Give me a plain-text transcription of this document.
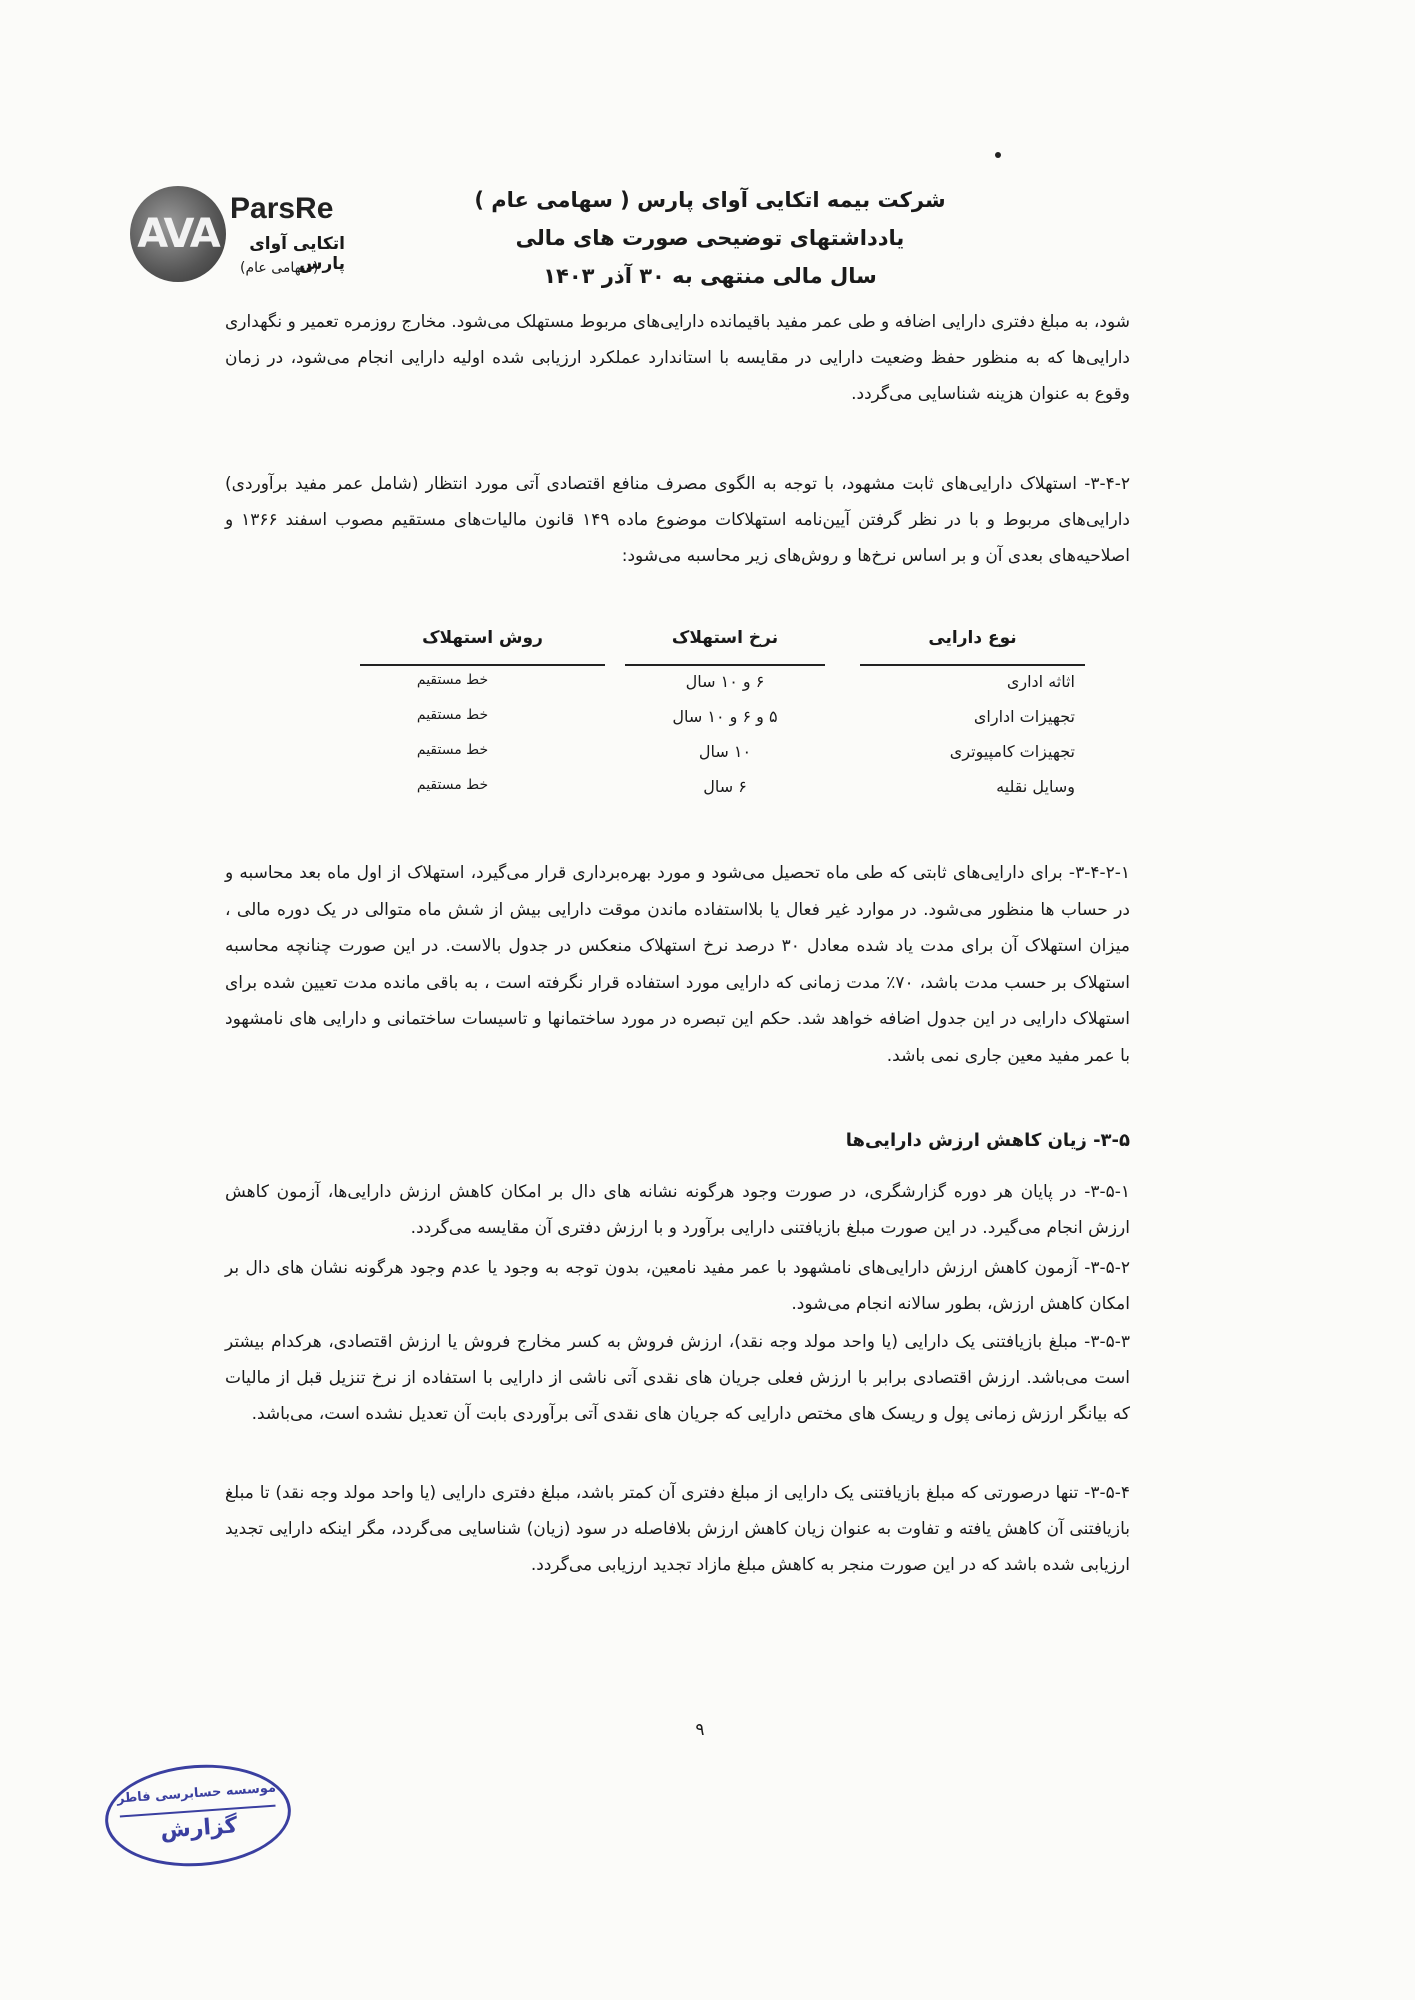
AVA
ParsRe
اتکایی آوای پارس
(سهامی عام)
شرکت بیمه اتکایی آوای پارس ( سهامی عام )
یادداشتهای توضیحی صورت های مالی
سال مالی منتهی به ۳۰ آذر ۱۴۰۳
شود، به مبلغ دفتری دارایی اضافه و طی عمر مفید باقیمانده دارایی‌های مربوط مستهلک می‌شود. مخارج روزمره تعمیر و نگهداری دارایی‌ها که به منظور حفظ وضعیت دارایی در مقایسه با استاندارد عملکرد ارزیابی شده اولیه دارایی انجام می‌شود، در زمان وقوع به عنوان هزینه شناسایی می‌گردد.
۳-۴-۲- استهلاک دارایی‌های ثابت مشهود، با توجه به الگوی مصرف منافع اقتصادی آتی مورد انتظار (شامل عمر مفید برآوردی) دارایی‌های مربوط و با در نظر گرفتن آیین‌نامه استهلاکات موضوع ماده ۱۴۹ قانون مالیات‌های مستقیم مصوب اسفند ۱۳۶۶ و اصلاحیه‌های بعدی آن و بر اساس نرخ‌ها و روش‌های زیر محاسبه می‌شود:
نوع دارایی
نرخ استهلاک
روش استهلاک
اثاثه اداری
۶ و ۱۰ سال
خط مستقیم
تجهیزات ادارای
۵ و ۶ و ۱۰ سال
خط مستقیم
تجهیزات کامپیوتری
۱۰ سال
خط مستقیم
وسایل نقلیه
۶ سال
خط مستقیم
۳-۴-۲-۱- برای دارایی‌های ثابتی که طی ماه تحصیل می‌شود و مورد بهره‌برداری قرار می‌گیرد، استهلاک از اول ماه بعد محاسبه و در حساب ها منظور می‌شود. در موارد غیر فعال یا بلااستفاده ماندن موقت دارایی بیش از شش ماه متوالی در یک دوره مالی ، میزان استهلاک آن برای مدت یاد شده معادل ۳۰ درصد نرخ استهلاک منعکس در جدول بالاست. در این صورت چنانچه محاسبه استهلاک بر حسب مدت باشد، ۷۰٪ مدت زمانی که دارایی مورد استفاده قرار نگرفته است ، به باقی مانده مدت تعیین شده برای استهلاک دارایی در این جدول اضافه خواهد شد. حکم این تبصره در مورد ساختمانها و تاسیسات ساختمانی و دارایی های نامشهود با عمر مفید معین جاری نمی باشد.
۳-۵- زیان کاهش ارزش دارایی‌ها
۳-۵-۱- در پایان هر دوره گزارشگری، در صورت وجود هرگونه نشانه های دال بر امکان کاهش ارزش دارایی‌ها، آزمون کاهش ارزش انجام می‌گیرد. در این صورت مبلغ بازیافتنی دارایی برآورد و با ارزش دفتری آن مقایسه می‌گردد.
۳-۵-۲- آزمون کاهش ارزش دارایی‌های نامشهود با عمر مفید نامعین، بدون توجه به وجود یا عدم وجود هرگونه نشان های دال بر امکان کاهش ارزش، بطور سالانه انجام می‌شود.
۳-۵-۳- مبلغ بازیافتنی یک دارایی (یا واحد مولد وجه نقد)، ارزش فروش به کسر مخارج فروش یا ارزش اقتصادی، هرکدام بیشتر است می‌باشد. ارزش اقتصادی برابر با ارزش فعلی جریان های نقدی آتی ناشی از دارایی با استفاده از نرخ تنزیل قبل از مالیات که بیانگر ارزش زمانی پول و ریسک های مختص دارایی که جریان های نقدی آتی برآوردی بابت آن تعدیل نشده است، می‌باشد.
۳-۵-۴- تنها درصورتی که مبلغ بازیافتنی یک دارایی از مبلغ دفتری آن کمتر باشد، مبلغ دفتری دارایی (یا واحد مولد وجه نقد) تا مبلغ بازیافتنی آن کاهش یافته و تفاوت به عنوان زیان کاهش ارزش بلافاصله در سود (زیان) شناسایی می‌گردد، مگر اینکه دارایی تجدید ارزیابی شده باشد که در این صورت منجر به کاهش مبلغ مازاد تجدید ارزیابی می‌گردد.
۹
موسسه حسابرسی فاطر
گزارش
